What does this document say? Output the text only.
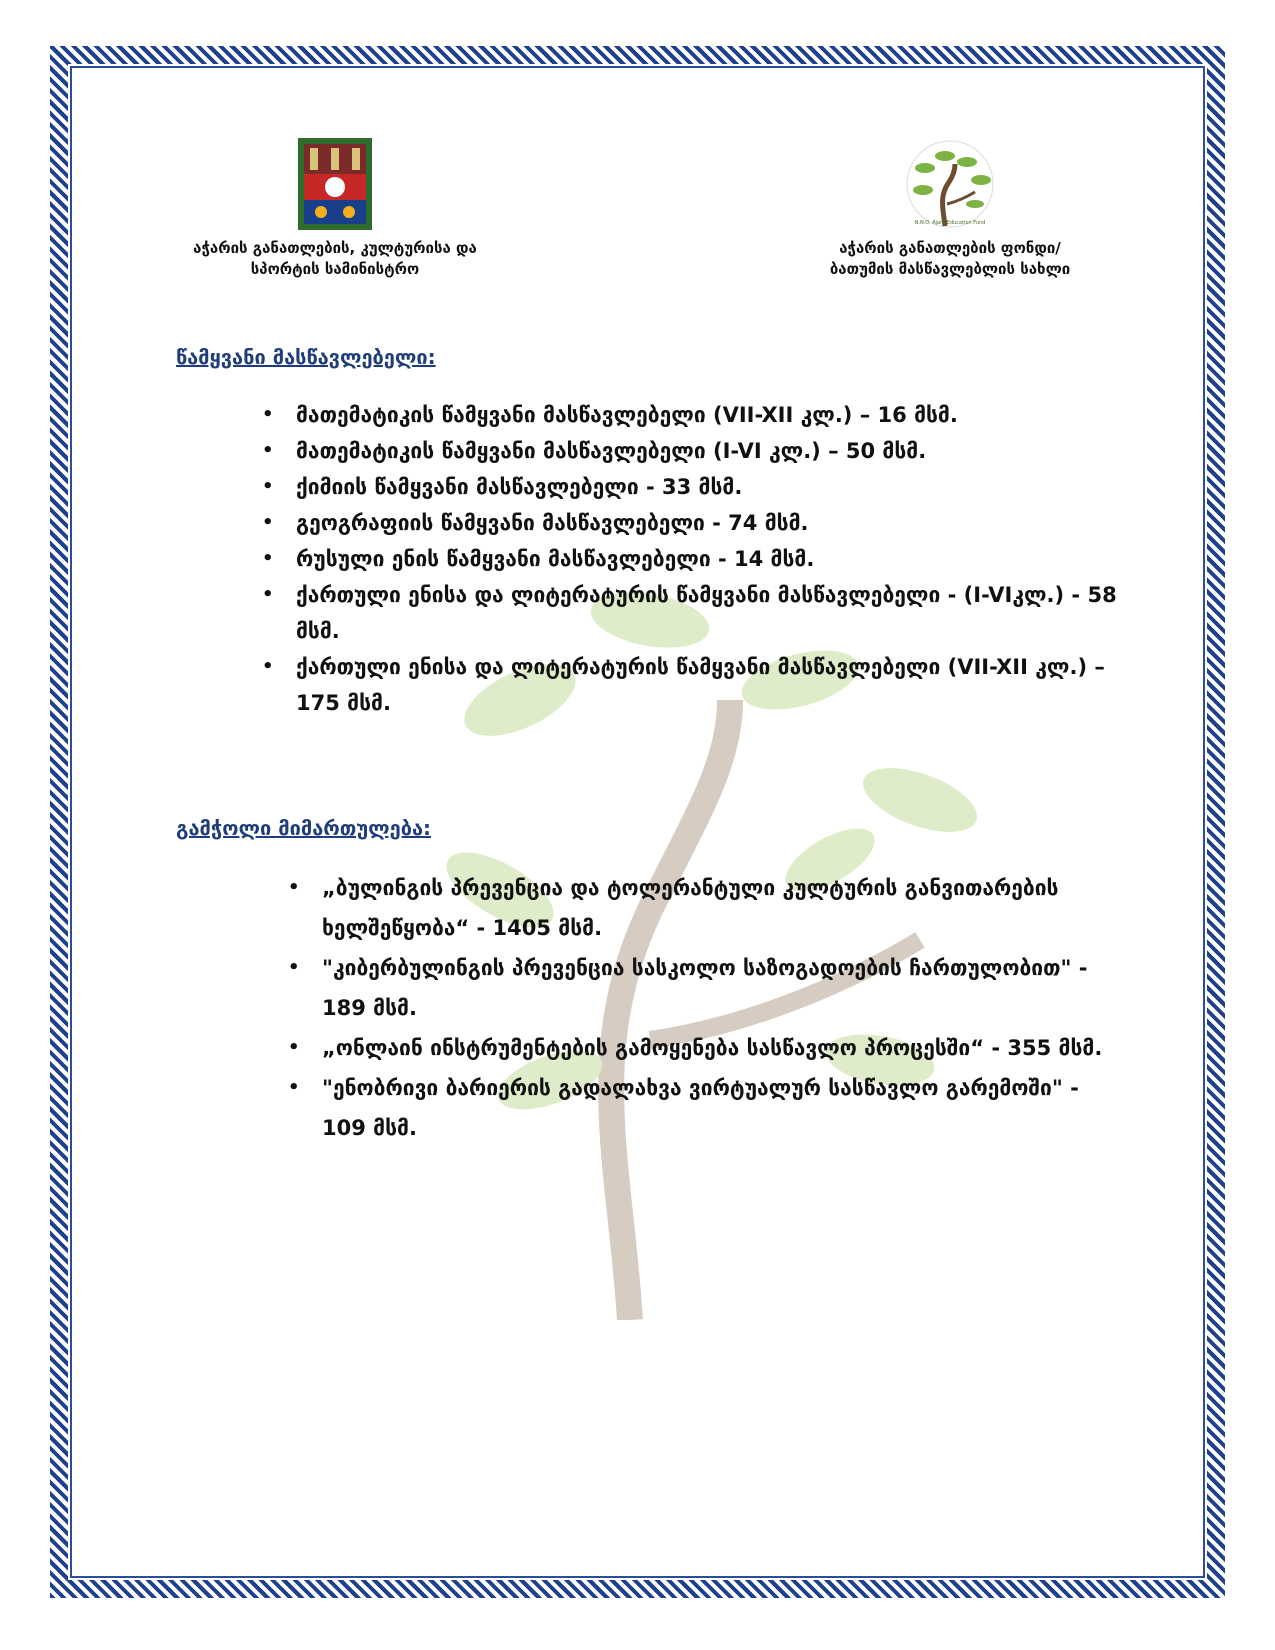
აჭარის განათლების, კულტურისა და
სპორტის სამინისტრო
N.N.O. Ajara Education Fund
აჭარის განათლების ფონდი/
ბათუმის მასწავლებლის სახლი
წამყვანი მასწავლებელი:
• მათემატიკის წამყვანი მასწავლებელი (VII-XII კლ.) – 16 მსმ.
• მათემატიკის წამყვანი მასწავლებელი (I-VI კლ.) – 50 მსმ.
• ქიმიის წამყვანი მასწავლებელი - 33 მსმ.
• გეოგრაფიის წამყვანი მასწავლებელი - 74 მსმ.
• რუსული ენის წამყვანი მასწავლებელი - 14 მსმ.
• ქართული ენისა და ლიტერატურის წამყვანი მასწავლებელი - (I-VIკლ.) - 58 მსმ.
• ქართული ენისა და ლიტერატურის წამყვანი მასწავლებელი (VII-XII კლ.) – 175 მსმ.
გამჭოლი მიმართულება:
• „ბულინგის პრევენცია და ტოლერანტული კულტურის განვითარების ხელშეწყობა“ - 1405 მსმ.
• "კიბერბულინგის პრევენცია სასკოლო საზოგადოების ჩართულობით" - 189 მსმ.
• „ონლაინ ინსტრუმენტების გამოყენება სასწავლო პროცესში“ - 355 მსმ.
• "ენობრივი ბარიერის გადალახვა ვირტუალურ სასწავლო გარემოში" - 109 მსმ.
